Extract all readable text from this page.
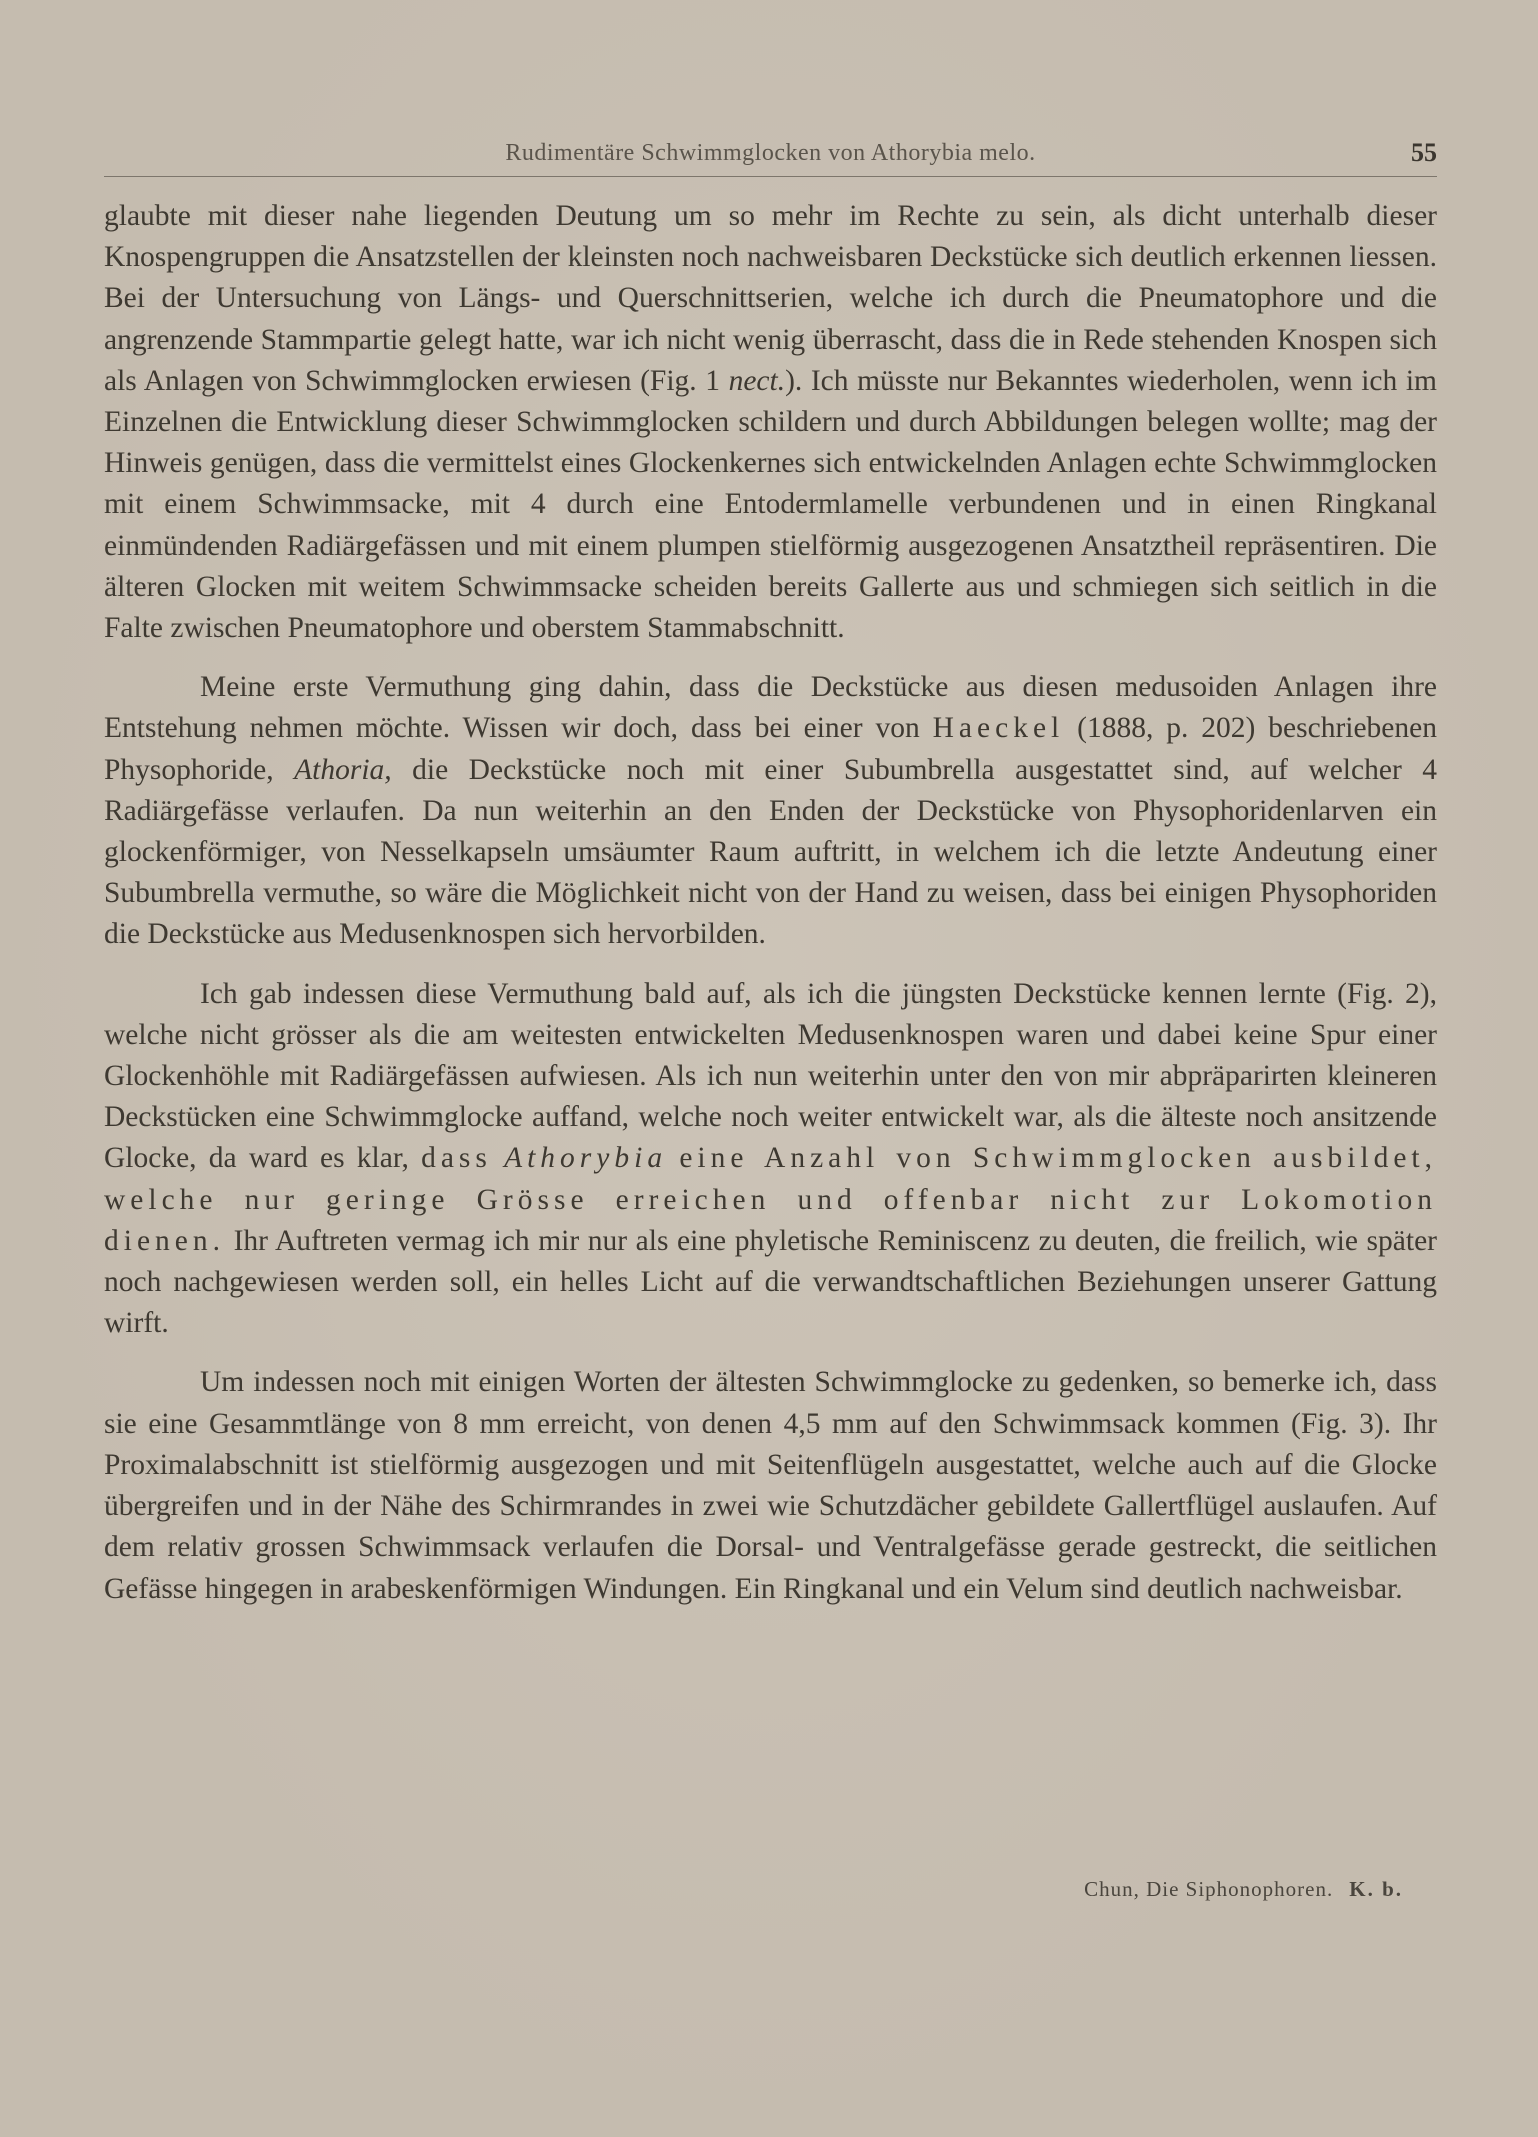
Rudimentäre Schwimmglocken von Athorybia melo.	55

glaubte mit dieser nahe liegenden Deutung um so mehr im Rechte zu sein, als dicht unterhalb dieser Knospengruppen die Ansatzstellen der kleinsten noch nachweisbaren Deckstücke sich deutlich erkennen liessen. Bei der Untersuchung von Längs- und Querschnittserien, welche ich durch die Pneumatophore und die angrenzende Stammpartie gelegt hatte, war ich nicht wenig überrascht, dass die in Rede stehenden Knospen sich als Anlagen von Schwimmglocken erwiesen (Fig. 1 nect.). Ich müsste nur Bekanntes wiederholen, wenn ich im Einzelnen die Entwicklung dieser Schwimmglocken schildern und durch Abbildungen belegen wollte; mag der Hinweis genügen, dass die vermittelst eines Glockenkernes sich entwickelnden Anlagen echte Schwimmglocken mit einem Schwimmsacke, mit 4 durch eine Entodermlamelle verbundenen und in einen Ringkanal einmündenden Radiärgefässen und mit einem plumpen stielförmig ausgezogenen Ansatztheil repräsentiren. Die älteren Glocken mit weitem Schwimmsacke scheiden bereits Gallerte aus und schmiegen sich seitlich in die Falte zwischen Pneumatophore und oberstem Stammabschnitt.

Meine erste Vermuthung ging dahin, dass die Deckstücke aus diesen medusoiden Anlagen ihre Entstehung nehmen möchte. Wissen wir doch, dass bei einer von Haeckel (1888, p. 202) beschriebenen Physophoride, Athoria, die Deckstücke noch mit einer Subumbrella ausgestattet sind, auf welcher 4 Radiärgefässe verlaufen. Da nun weiterhin an den Enden der Deckstücke von Physophoridenlarven ein glockenförmiger, von Nesselkapseln umsäumter Raum auftritt, in welchem ich die letzte Andeutung einer Subumbrella vermuthe, so wäre die Möglichkeit nicht von der Hand zu weisen, dass bei einigen Physophoriden die Deckstücke aus Medusenknospen sich hervorbilden.

Ich gab indessen diese Vermuthung bald auf, als ich die jüngsten Deckstücke kennen lernte (Fig. 2), welche nicht grösser als die am weitesten entwickelten Medusenknospen waren und dabei keine Spur einer Glockenhöhle mit Radiärgefässen aufwiesen. Als ich nun weiterhin unter den von mir abpräparirten kleineren Deckstücken eine Schwimmglocke auffand, welche noch weiter entwickelt war, als die älteste noch ansitzende Glocke, da ward es klar, dass Athorybia eine Anzahl von Schwimmglocken ausbildet, welche nur geringe Grösse erreichen und offenbar nicht zur Lokomotion dienen. Ihr Auftreten vermag ich mir nur als eine phyletische Reminiscenz zu deuten, die freilich, wie später noch nachgewiesen werden soll, ein helles Licht auf die verwandtschaftlichen Beziehungen unserer Gattung wirft.

Um indessen noch mit einigen Worten der ältesten Schwimmglocke zu gedenken, so bemerke ich, dass sie eine Gesammtlänge von 8 mm erreicht, von denen 4,5 mm auf den Schwimmsack kommen (Fig. 3). Ihr Proximalabschnitt ist stielförmig ausgezogen und mit Seitenflügeln ausgestattet, welche auch auf die Glocke übergreifen und in der Nähe des Schirmrandes in zwei wie Schutzdächer gebildete Gallertflügel auslaufen. Auf dem relativ grossen Schwimmsack verlaufen die Dorsal- und Ventralgefässe gerade gestreckt, die seitlichen Gefässe hingegen in arabeskenförmigen Windungen. Ein Ringkanal und ein Velum sind deutlich nachweisbar.

Chun, Die Siphonophoren. K. b.
